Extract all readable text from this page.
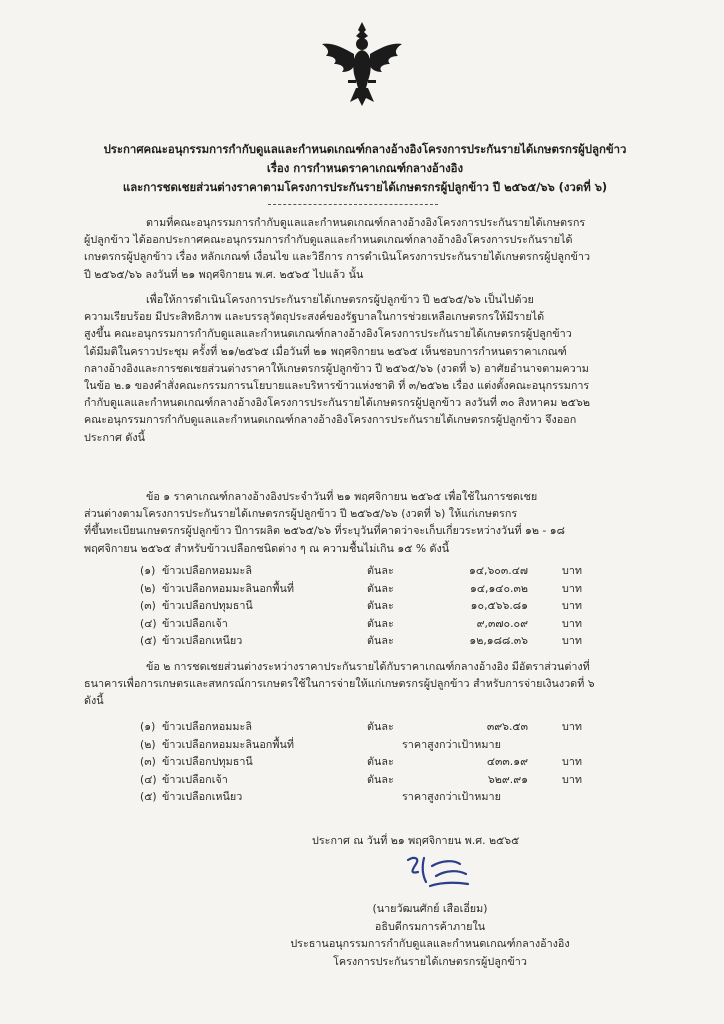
ประกาศคณะอนุกรรมการกำกับดูแลและกำหนดเกณฑ์กลางอ้างอิงโครงการประกันรายได้เกษตรกรผู้ปลูกข้าว
เรื่อง การกำหนดราคาเกณฑ์กลางอ้างอิง
และการชดเชยส่วนต่างราคาตามโครงการประกันรายได้เกษตรกรผู้ปลูกข้าว ปี ๒๕๖๕/๖๖ (งวดที่ ๖)
ตามที่คณะอนุกรรมการกำกับดูแลและกำหนดเกณฑ์กลางอ้างอิงโครงการประกันรายได้เกษตรกร
ผู้ปลูกข้าว ได้ออกประกาศคณะอนุกรรมการกำกับดูแลและกำหนดเกณฑ์กลางอ้างอิงโครงการประกันรายได้
เกษตรกรผู้ปลูกข้าว เรื่อง หลักเกณฑ์ เงื่อนไข และวิธีการ การดำเนินโครงการประกันรายได้เกษตรกรผู้ปลูกข้าว
ปี ๒๕๖๕/๖๖ ลงวันที่ ๒๑ พฤศจิกายน พ.ศ. ๒๕๖๕ ไปแล้ว นั้น
เพื่อให้การดำเนินโครงการประกันรายได้เกษตรกรผู้ปลูกข้าว ปี ๒๕๖๕/๖๖ เป็นไปด้วย
ความเรียบร้อย มีประสิทธิภาพ และบรรลุวัตถุประสงค์ของรัฐบาลในการช่วยเหลือเกษตรกรให้มีรายได้
สูงขึ้น คณะอนุกรรมการกำกับดูแลและกำหนดเกณฑ์กลางอ้างอิงโครงการประกันรายได้เกษตรกรผู้ปลูกข้าว
ได้มีมติในคราวประชุม ครั้งที่ ๒๑/๒๕๖๕ เมื่อวันที่ ๒๑ พฤศจิกายน ๒๕๖๕ เห็นชอบการกำหนดราคาเกณฑ์
กลางอ้างอิงและการชดเชยส่วนต่างราคาให้เกษตรกรผู้ปลูกข้าว ปี ๒๕๖๕/๖๖ (งวดที่ ๖) อาศัยอำนาจตามความ
ในข้อ ๒.๑ ของคำสั่งคณะกรรมการนโยบายและบริหารข้าวแห่งชาติ ที่ ๓/๒๕๖๒ เรื่อง แต่งตั้งคณะอนุกรรมการ
กำกับดูแลและกำหนดเกณฑ์กลางอ้างอิงโครงการประกันรายได้เกษตรกรผู้ปลูกข้าว ลงวันที่ ๓๐ สิงหาคม ๒๕๖๒
คณะอนุกรรมการกำกับดูแลและกำหนดเกณฑ์กลางอ้างอิงโครงการประกันรายได้เกษตรกรผู้ปลูกข้าว จึงออก
ประกาศ ดังนี้
ข้อ ๑ ราคาเกณฑ์กลางอ้างอิงประจำวันที่ ๒๑ พฤศจิกายน ๒๕๖๕ เพื่อใช้ในการชดเชย
ส่วนต่างตามโครงการประกันรายได้เกษตรกรผู้ปลูกข้าว ปี ๒๕๖๕/๖๖ (งวดที่ ๖) ให้แก่เกษตรกร
ที่ขึ้นทะเบียนเกษตรกรผู้ปลูกข้าว ปีการผลิต ๒๕๖๕/๖๖ ที่ระบุวันที่คาดว่าจะเก็บเกี่ยวระหว่างวันที่ ๑๒ - ๑๘
พฤศจิกายน ๒๕๖๕ สำหรับข้าวเปลือกชนิดต่าง ๆ ณ ความชื้นไม่เกิน ๑๕ % ดังนี้
(๑) ข้าวเปลือกหอมมะลิ	ตันละ	๑๔,๖๐๓.๔๗	บาท
(๒) ข้าวเปลือกหอมมะลินอกพื้นที่	ตันละ	๑๔,๑๔๐.๓๒	บาท
(๓) ข้าวเปลือกปทุมธานี	ตันละ	๑๐,๕๖๖.๘๑	บาท
(๔) ข้าวเปลือกเจ้า	ตันละ	๙,๓๗๐.๐๙	บาท
(๕) ข้าวเปลือกเหนียว	ตันละ	๑๒,๑๘๘.๓๖	บาท
ข้อ ๒ การชดเชยส่วนต่างระหว่างราคาประกันรายได้กับราคาเกณฑ์กลางอ้างอิง มีอัตราส่วนต่างที่
ธนาคารเพื่อการเกษตรและสหกรณ์การเกษตรใช้ในการจ่ายให้แก่เกษตรกรผู้ปลูกข้าว สำหรับการจ่ายเงินงวดที่ ๖
ดังนี้
(๑) ข้าวเปลือกหอมมะลิ	ตันละ	๓๙๖.๕๓	บาท
(๒) ข้าวเปลือกหอมมะลินอกพื้นที่	ราคาสูงกว่าเป้าหมาย
(๓) ข้าวเปลือกปทุมธานี	ตันละ	๔๓๓.๑๙	บาท
(๔) ข้าวเปลือกเจ้า	ตันละ	๖๒๙.๙๑	บาท
(๕) ข้าวเปลือกเหนียว	ราคาสูงกว่าเป้าหมาย
ประกาศ ณ วันที่ ๒๑ พฤศจิกายน พ.ศ. ๒๕๖๕
(นายวัฒนศักย์ เสือเอี่ยม)
อธิบดีกรมการค้าภายใน
ประธานอนุกรรมการกำกับดูแลและกำหนดเกณฑ์กลางอ้างอิง
โครงการประกันรายได้เกษตรกรผู้ปลูกข้าว
